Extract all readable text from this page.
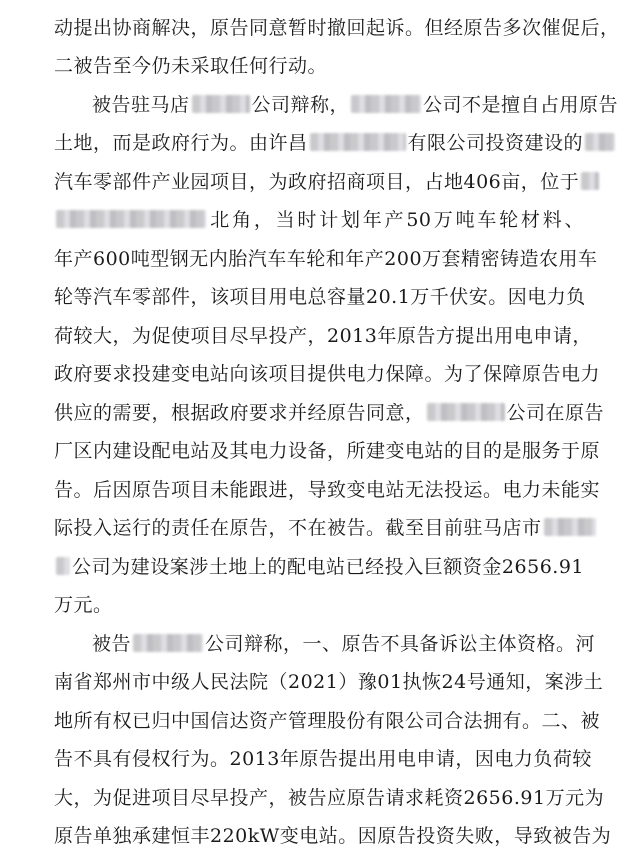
动提出协商解决，原告同意暂时撤回起诉。但经原告多次催促后，
二被告至今仍未采取任何行动。
被告驻马店	公司辩称，	公司不是擅自占用原告
土地，而是政府行为。由许昌	有限公司投资建设的
汽车零部件产业园项目，为政府招商项目，占地406亩，位于
北角，当时计划年产50万吨车轮材料、
年产600吨型钢无内胎汽车车轮和年产200万套精密铸造农用车
轮等汽车零部件，该项目用电总容量20.1万千伏安。因电力负
荷较大，为促使项目尽早投产，2013年原告方提出用电申请，
政府要求投建变电站向该项目提供电力保障。为了保障原告电力
供应的需要，根据政府要求并经原告同意，	公司在原告
厂区内建设配电站及其电力设备，所建变电站的目的是服务于原
告。后因原告项目未能跟进，导致变电站无法投运。电力未能实
际投入运行的责任在原告，不在被告。截至目前驻马店市
公司为建设案涉土地上的配电站已经投入巨额资金2656.91
万元。
被告	公司辩称，一、原告不具备诉讼主体资格。河
南省郑州市中级人民法院（2021）豫01执恢24号通知，案涉土
地所有权已归中国信达资产管理股份有限公司合法拥有。二、被
告不具有侵权行为。2013年原告提出用电申请，因电力负荷较
大，为促进项目尽早投产，被告应原告请求耗资2656.91万元为
原告单独承建恒丰220kW变电站。因原告投资失败，导致被告为
